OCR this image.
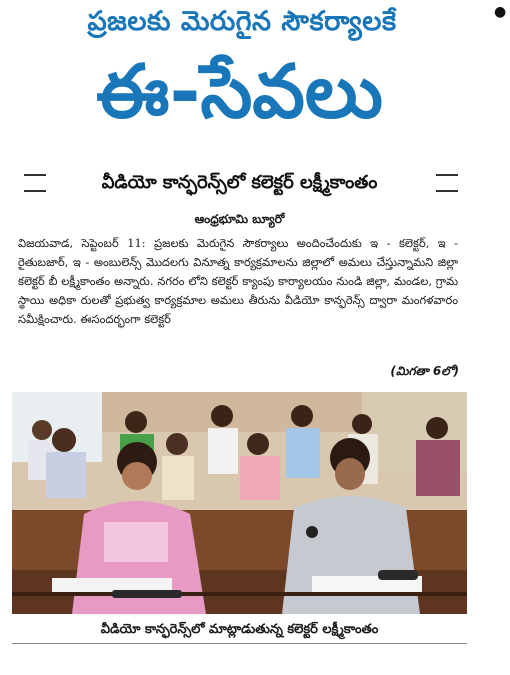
●
ప్రజలకు మెరుగైన సౌకర్యాలకే
ఈ-సేవలు
వీడియో కాన్ఫరెన్స్‌లో కలెక్టర్ లక్ష్మీకాంతం
ఆంధ్రభూమి బ్యూరో
విజయవాడ, సెప్టెంబర్ 11: ప్రజలకు మెరుగైన సౌకర్యాలు అందించేందుకు ఇ - కలెక్టర్, ఇ - రైతుబజార్, ఇ - అంబులెన్స్ మొదలగు వినూత్న కార్యక్రమాలను జిల్లాలో అమలు చేస్తున్నామని జిల్లా కలెక్టర్ బీ లక్ష్మీకాంతం అన్నారు. నగరం లోని కలెక్టర్ క్యాంపు కార్యాలయం నుండి జిల్లా, మండల, గ్రామ స్థాయి అధికా రులతో ప్రభుత్వ కార్యక్రమాల అమలు తీరును వీడియో కాన్ఫరెన్స్ ద్వారా మంగళవారం సమీక్షించారు. ఈసందర్భంగా కలెక్టర్
(మిగతా 6లో)
వీడియో కాన్ఫరెన్స్‌లో మాట్లాడుతున్న కలెక్టర్ లక్ష్మీకాంతం
